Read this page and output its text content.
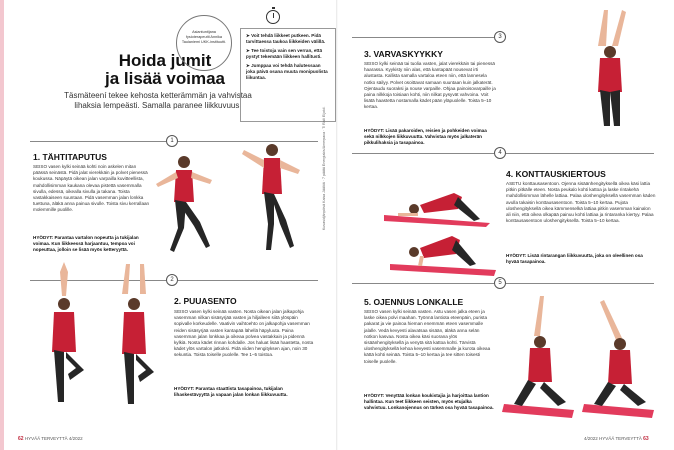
Hoida jumit
ja lisää voimaa
Täsmäteení tekee kehosta ketterämmän ja vahvistaa lihaksia lempeästi. Samalla paranee liikkuvuus.
Asiantuntijana fysioterapeutti Annika Taulaniemi UKK-instituutti.

➤ Voit tehdä liikkeet putkeen. Pidä tarvittaessa taukoa liikkeiden välillä.

➤ Tee toistoja vain sen verran, että pystyt tekemään liikkeen hallitusti.

➤ Jumppaa voi tehdä halutessaan joka päivä osana muuta monipuolista liikuntaa.

1
2
3
4
5
1. TÄHTITAPUTUS
SEISO vasen kylki seinää kohti noin askelen mitan päässä seinästä. Pidä jalat vierekkäin ja polvet pienessä koukussa. Näpäytä oikean jalan varpailla kuvitteellista, mahdollisimman kaukana olevaa pistettä vasemmalla sivulla, edessä, oikealla sivulla ja takana. Toista vastakkaiseen suuntaan. Pidä vasemman jalan lonkka tuettuna, äläkä anna painua sivulle. Toista sivu kerrallaan molemmille puolille.
HYÖDYT: Parantaa vartalon nopeutta ja tukijalan voimaa. Kun liikkeessä harjaantuu, tempoa voi nopeuttaa, jolloin se lisää myös ketteryyttä.
2. PUUASENTO
SEISO vasen kylki seinää vasten. Nosta oikean jalan jalkapohja vasemman nilkan sisäsyrjää vasten ja hiljalleen siitä ylöspäin sopivalle korkeudelle. Vaativin vaihtoehto on jalkapohja vasemman reiden sisäsyrjää vasten kantapää lähellä häpyluuta. Paina vasemman jalan lonkkaa ja oikeaa polvea vastakkain ja pidennä kylkiä. Nosta kädet rinnan kohdalle. Jos haluat lisää haastetta, nosta kädet ylös vartalon jatkoksi. Pidä viiden hengityksen ajan, noin 30 sekuntia. Toista toiselle puolelle. Tee 1–5 toistoa.
HYÖDYT: Parantaa staattista tasapainoa, tukijalan lihaskestävyyttä ja vapaan jalan lonkan liikkuvuutta.
3. VARVASKYYKKY
SEISO kylki seinää tai tuolia vasten, jalat vierekkäin tai pienessä haarassa. Kyykisty niin alas, että kantapäät nousevat irti alustasta. Kallista samalla vartaloa eteen niin, että lannesela notko säilyy. Polvet osoittavat samaan suuntaan kuin jalkaterät. Ojentaudu suoraksi ja nouse varpaille. Ohjaa painoisovarpaille ja paina nilkkoja toisiaan kohti, niin nilkat pysyvät vahvoina. Voit lisätä haastetta nostamalla kädet pään yläpuolelle. Toista 5–10 kertaa.
HYÖDYT: Lisää pakaroiden, reisien ja pohkeiden voimaa sekä nilkkojen liikkuvuutta. Vahvistaa myös jalkaterän pikkulihaksia ja tasapainoa.
4. KONTTAUSKIERTOUS
ASETU konttausasentoon. Ojenna sisäänhengityksellä oikea käsi lattia pitkin pitkälle eteen. Nosta peukalo kohti kattoa ja laske rintakehä mahdollisimman lähelle lattiaa. Palaa uloshengityksellä vasemman käden avulla takaisin konttausasentoon. Toista 5–10 kertaa. Pujota uloshengityksellä oikea kämmenselkä lattiaa pitkin vasemman kainalon ali niin, että oikea olkapää painuu kohti lattiaa ja rintaranka kiertyy. Palaa konttausasentoon uloshengityksellä. Toista 5–10 kertaa.
HYÖDYT: Lisää rintarangan liikkuvuutta, joka on oleellinen osa hyvää tasapainoa.
5. OJENNUS LONKALLE
SEISO vasen kylki seinää vasten. Astu vasen jalka eteen ja laske oikea polvi maahan. Työnnä lantiota eteenpäin, purista pakarat ja vie painoa hieman enemmän eteen vasemmalle jalalle. Vedä kevyesti alavatsaa sisään, äläkä anna selän notkon kasvaa. Nosta oikea käsi suorana ylös sisäänhengityksellä ja venytä sitä kattoa kohti. Tärvistä uloshengityksellä kehoa kevyesti vasemmalle ja kurota oikeaa kättä kohti seinää. Toista 5–10 kertaa ja tee sitten toisesti toiselle puolelle.
HYÖDYT: Venyttää lonkan koukistajia ja harjoittaa lantion hallintaa. Kun teet liikkeen seisten, myös etujalka vahvistuu. Lonkanojennus on tärkeä osa hyvää tasapainoa.
Kuvasidjänpöivä Kaisa Jäälöä · 7 päätä Energiakis/Amerpaca · Ti Raili Eijokil.
62 HYVÄÄ TERVEYTTÄ 4/2022	4/2022 HYVÄÄ TERVEYTTÄ 63
